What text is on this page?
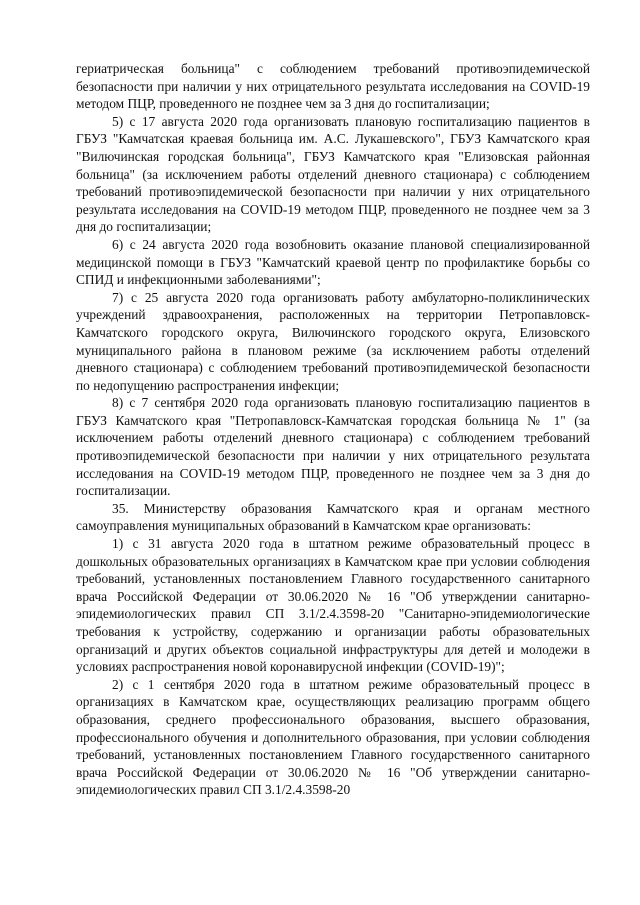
гериатрическая больница" с соблюдением требований противоэпидемической безопасности при наличии у них отрицательного результата исследования на COVID-19 методом ПЦР, проведенного не позднее чем за 3 дня до госпитализации;

5) с 17 августа 2020 года организовать плановую госпитализацию пациентов в ГБУЗ "Камчатская краевая больница им. А.С. Лукашевского", ГБУЗ Камчатского края "Вилючинская городская больница", ГБУЗ Камчатского края "Елизовская районная больница" (за исключением работы отделений дневного стационара) с соблюдением требований противоэпидемической безопасности при наличии у них отрицательного результата исследования на COVID-19 методом ПЦР, проведенного не позднее чем за 3 дня до госпитализации;

6) с 24 августа 2020 года возобновить оказание плановой специализированной медицинской помощи в ГБУЗ "Камчатский краевой центр по профилактике борьбы со СПИД и инфекционными заболеваниями";

7) с 25 августа 2020 года организовать работу амбулаторно-поликлинических учреждений здравоохранения, расположенных на территории Петропавловск-Камчатского городского округа, Вилючинского городского округа, Елизовского муниципального района в плановом режиме (за исключением работы отделений дневного стационара) с соблюдением требований противоэпидемической безопасности по недопущению распространения инфекции;

8) с 7 сентября 2020 года организовать плановую госпитализацию пациентов в ГБУЗ Камчатского края "Петропавловск-Камчатская городская больница № 1" (за исключением работы отделений дневного стационара) с соблюдением требований противоэпидемической безопасности при наличии у них отрицательного результата исследования на COVID-19 методом ПЦР, проведенного не позднее чем за 3 дня до госпитализации.

35. Министерству образования Камчатского края и органам местного самоуправления муниципальных образований в Камчатском крае организовать:

1) с 31 августа 2020 года в штатном режиме образовательный процесс в дошкольных образовательных организациях в Камчатском крае при условии соблюдения требований, установленных постановлением Главного государственного санитарного врача Российской Федерации от 30.06.2020 № 16 "Об утверждении санитарно-эпидемиологических правил СП 3.1/2.4.3598-20 "Санитарно-эпидемиологические требования к устройству, содержанию и организации работы образовательных организаций и других объектов социальной инфраструктуры для детей и молодежи в условиях распространения новой коронавирусной инфекции (COVID-19)";

2) с 1 сентября 2020 года в штатном режиме образовательный процесс в организациях в Камчатском крае, осуществляющих реализацию программ общего образования, среднего профессионального образования, высшего образования, профессионального обучения и дополнительного образования, при условии соблюдения требований, установленных постановлением Главного государственного санитарного врача Российской Федерации от 30.06.2020 № 16 "Об утверждении санитарно-эпидемиологических правил СП 3.1/2.4.3598-20
